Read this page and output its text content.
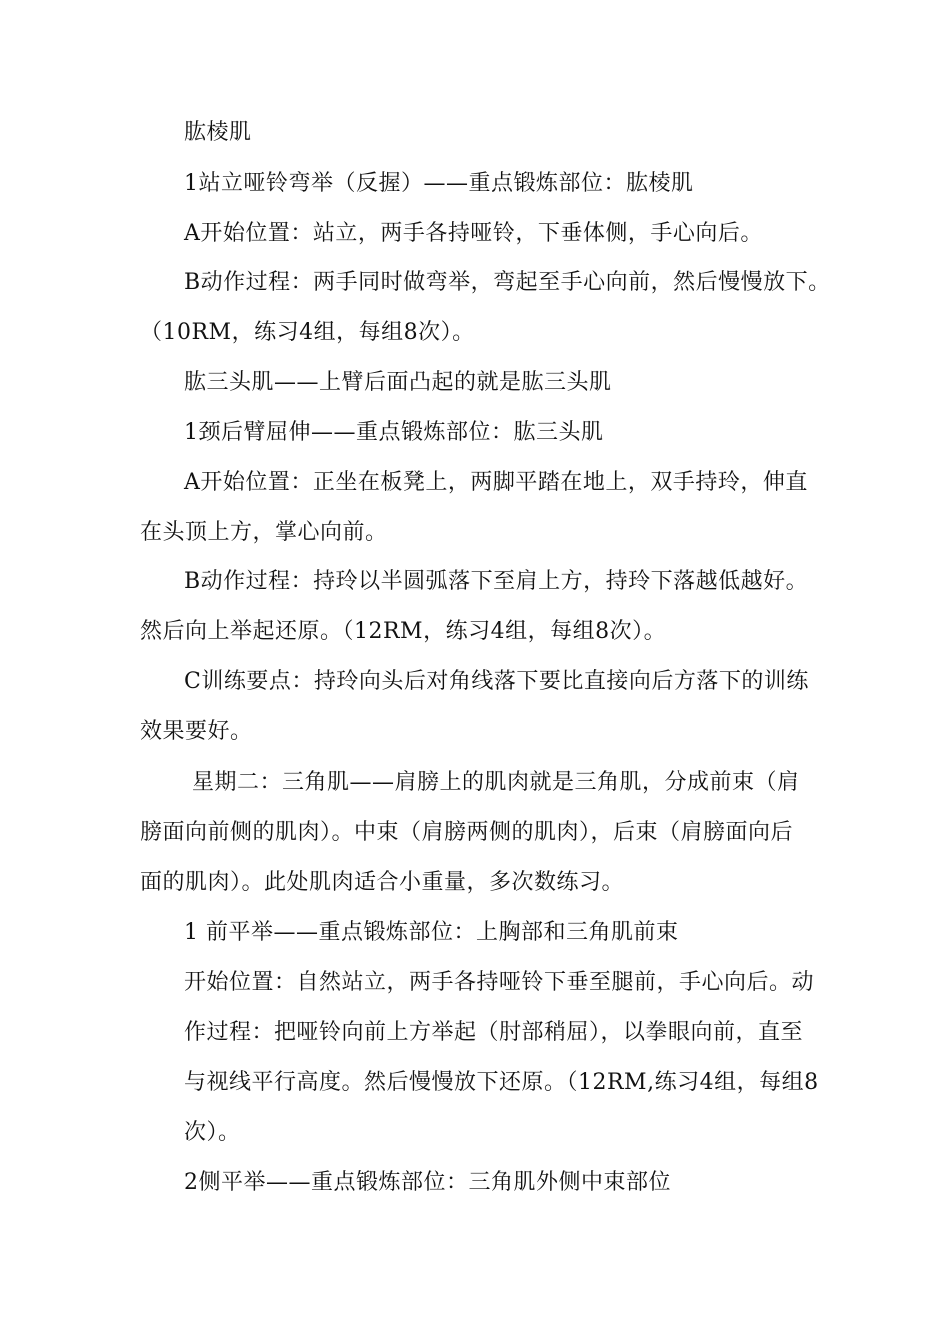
肱棱肌
1站立哑铃弯举（反握）——重点锻炼部位：肱棱肌
A开始位置：站立，两手各持哑铃，下垂体侧，手心向后。
B动作过程：两手同时做弯举，弯起至手心向前，然后慢慢放下。
（10RM，练习4组，每组8次）。
肱三头肌——上臂后面凸起的就是肱三头肌
1颈后臂屈伸——重点锻炼部位：肱三头肌
A开始位置：正坐在板凳上，两脚平踏在地上，双手持玲，伸直
在头顶上方，掌心向前。
B动作过程：持玲以半圆弧落下至肩上方，持玲下落越低越好。
然后向上举起还原。（12RM，练习4组，每组8次）。
C训练要点：持玲向头后对角线落下要比直接向后方落下的训练
效果要好。
星期二：三角肌——肩膀上的肌肉就是三角肌，分成前束（肩
膀面向前侧的肌肉）。中束（肩膀两侧的肌肉），后束（肩膀面向后
面的肌肉）。此处肌肉适合小重量，多次数练习。
1 前平举——重点锻炼部位：上胸部和三角肌前束
开始位置：自然站立，两手各持哑铃下垂至腿前，手心向后。动
作过程：把哑铃向前上方举起（肘部稍屈），以拳眼向前，直至
与视线平行高度。然后慢慢放下还原。（12RM,练习4组，每组8
次）。
2侧平举——重点锻炼部位：三角肌外侧中束部位
